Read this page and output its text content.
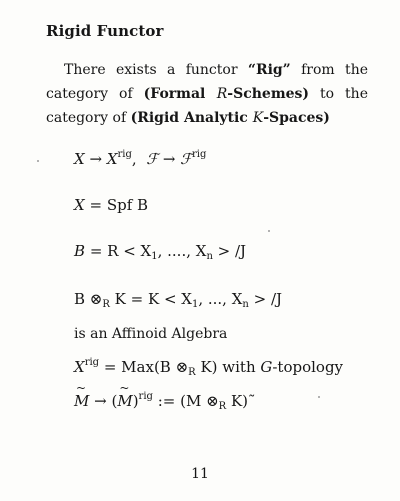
Rigid Functor

There exists a functor “Rig” from the category of (Formal R-Schemes) to the category of (Rigid Analytic K-Spaces)

$X \to X^{rig}$, ℱ → ℱ$^{rig}$
X = Spf B
$B = R < X_1$, ...., $X_n > /J$
B $\otimes_R$ $K = K < X_1$, ..., $X_n > /J$
is an Affinoid Algebra
$X^{rig} = Max(B$ $\otimes_R$ K) with G-topology
~ M → (~ M)$^{rig}$ := (M $\otimes_R$ K)˜
11
